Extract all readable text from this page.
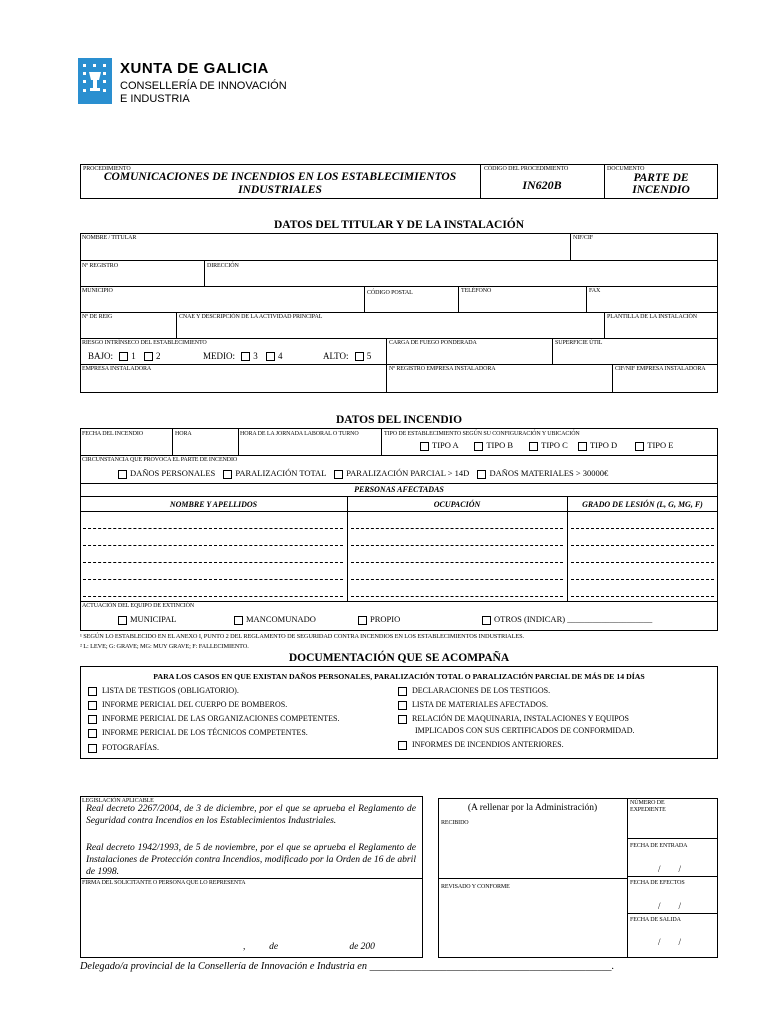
XUNTA DE GALICIA
CONSELLERÍA DE INNOVACIÓN
E INDUSTRIA
PROCEDIMIENTO
COMUNICACIONES DE INCENDIOS EN LOS ESTABLECIMIENTOS
INDUSTRIALES
CÓDIGO DEL PROCEDIMIENTO
IN620B
DOCUMENTO
PARTE DE
INCENDIO
DATOS DEL TITULAR Y DE LA INSTALACIÓN
NOMBRE / TITULAR	NIF/CIF
Nº REGISTRO	DIRECCIÓN
MUNICIPIO	CÓDIGO POSTAL	TELÉFONO	FAX
Nº DE REIG	CNAE Y DESCRIPCIÓN DE LA ACTIVIDAD PRINCIPAL	PLANTILLA DE LA INSTALACIÓN
RIESGO INTRÍNSECO DEL ESTABLECIMIENTO	CARGA DE FUEGO PONDERADA	SUPERFICIE ÚTIL
BAJO: 1 2	MEDIO: 3 4	ALTO: 5
EMPRESA INSTALADORA	Nº REGISTRO EMPRESA INSTALADORA	CIF/NIF EMPRESA INSTALADORA
DATOS DEL INCENDIO
FECHA DEL INCENDIO	HORA	HORA DE LA JORNADA LABORAL O TURNO	TIPO DE ESTABLECIMIENTO SEGÚN SU CONFIGURACIÓN Y UBICACIÓN
TIPO A	TIPO B	TIPO C	TIPO D	TIPO E
CIRCUNSTANCIA QUE PROVOCA EL PARTE DE INCENDIO
DAÑOS PERSONALES PARALIZACIÓN TOTAL PARALIZACIÓN PARCIAL > 14D DAÑOS MATERIALES > 30000€
PERSONAS AFECTADAS
NOMBRE Y APELLIDOS	OCUPACIÓN	GRADO DE LESIÓN (L, G, MG, F)
ACTUACIÓN DEL EQUIPO DE EXTINCIÓN
MUNICIPAL	MANCOMUNADO	PROPIO	OTROS (INDICAR) ____________________
¹ SEGÚN LO ESTABLECIDO EN EL ANEXO I, PUNTO 2 DEL REGLAMENTO DE SEGURIDAD CONTRA INCENDIOS EN LOS ESTABLECIMIENTOS INDUSTRIALES.
² L: LEVE; G: GRAVE; MG: MUY GRAVE; F: FALLECIMIENTO.
DOCUMENTACIÓN QUE SE ACOMPAÑA
PARA LOS CASOS EN QUE EXISTAN DAÑOS PERSONALES, PARALIZACIÓN TOTAL O PARALIZACIÓN PARCIAL DE MÁS DE 14 DÍAS
LISTA DE TESTIGOS (OBLIGATORIO).
INFORME PERICIAL DEL CUERPO DE BOMBEROS.
INFORME PERICIAL DE LAS ORGANIZACIONES COMPETENTES.
INFORME PERICIAL DE LOS TÉCNICOS COMPETENTES.
FOTOGRAFÍAS.
DECLARACIONES DE LOS TESTIGOS.
LISTA DE MATERIALES AFECTADOS.
RELACIÓN DE MAQUINARIA, INSTALACIONES Y EQUIPOS
IMPLICADOS CON SUS CERTIFICADOS DE CONFORMIDAD.
INFORMES DE INCENDIOS ANTERIORES.
LEGISLACIÓN APLICABLE
Real decreto 2267/2004, de 3 de diciembre, por el que se aprueba el Reglamento de Seguridad contra Incendios en los Establecimientos Industriales.
Real decreto 1942/1993, de 5 de noviembre, por el que se aprueba el Reglamento de Instalaciones de Protección contra Incendios, modificado por la Orden de 16 de abril de 1998.
FIRMA DEL SOLICITANTE O PERSONA QUE LO REPRESENTA
,          de                              de 200
(A rellenar por la Administración)
RECIBIDO
REVISADO Y CONFORME
NÚMERO DE
EXPEDIENTE
FECHA DE ENTRADA
/        /
FECHA DE EFECTOS
/        /
FECHA DE SALIDA
/        /
Delegado/a provincial de la Consellería de Innovación e Industria en _______________________________________________.
